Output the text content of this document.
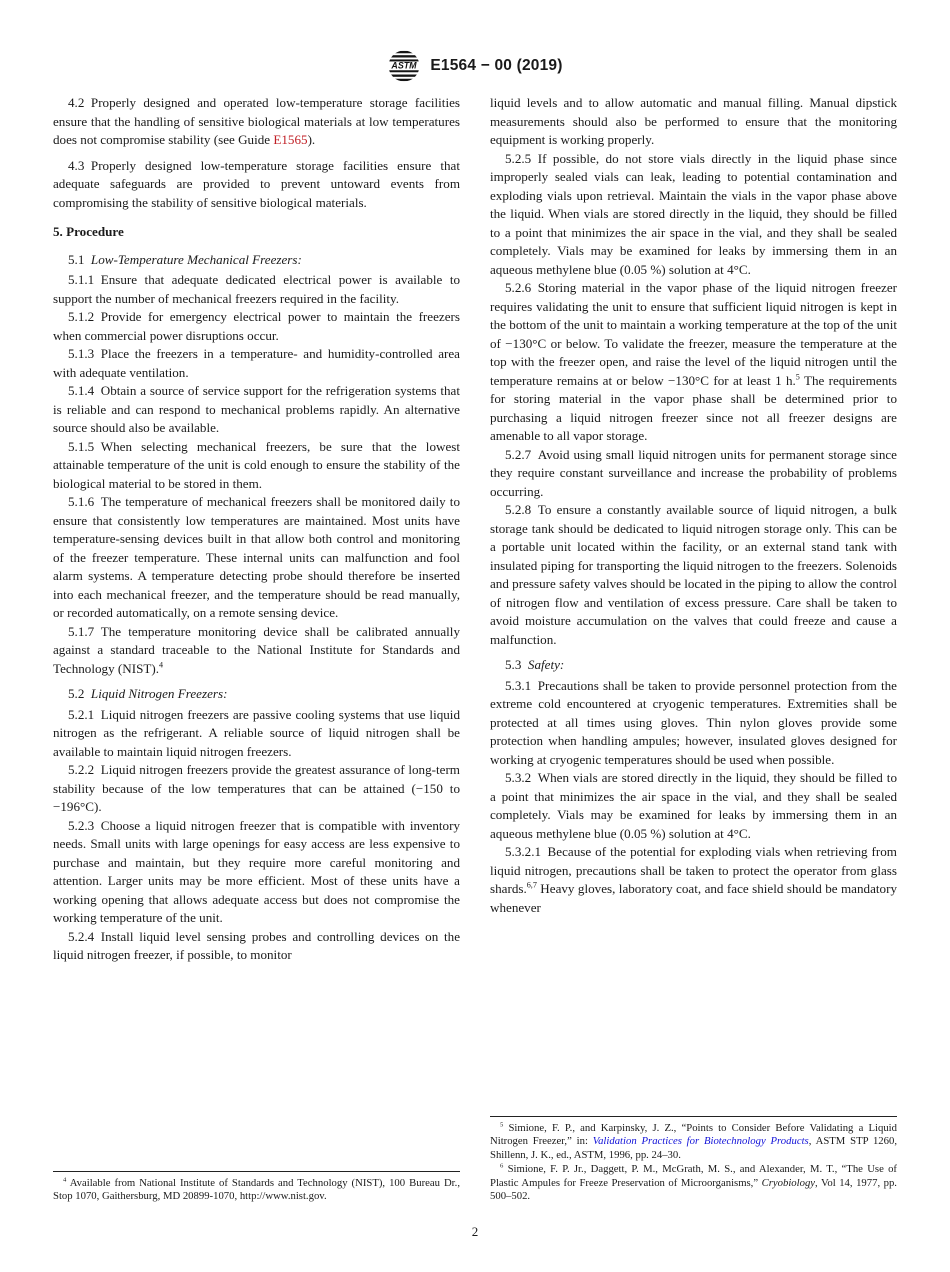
ASTM E1564 − 00 (2019)

4.2 Properly designed and operated low-temperature storage facilities ensure that the handling of sensitive biological materials at low temperatures does not compromise stability (see Guide E1565).

4.3 Properly designed low-temperature storage facilities ensure that adequate safeguards are provided to prevent untoward events from compromising the stability of sensitive biological materials.

5. Procedure

5.1 Low-Temperature Mechanical Freezers:

5.1.1 Ensure that adequate dedicated electrical power is available to support the number of mechanical freezers required in the facility.

5.1.2 Provide for emergency electrical power to maintain the freezers when commercial power disruptions occur.

5.1.3 Place the freezers in a temperature- and humidity-controlled area with adequate ventilation.

5.1.4 Obtain a source of service support for the refrigeration systems that is reliable and can respond to mechanical problems rapidly. An alternative source should also be available.

5.1.5 When selecting mechanical freezers, be sure that the lowest attainable temperature of the unit is cold enough to ensure the stability of the biological material to be stored in them.

5.1.6 The temperature of mechanical freezers shall be monitored daily to ensure that consistently low temperatures are maintained. Most units have temperature-sensing devices built in that allow both control and monitoring of the freezer temperature. These internal units can malfunction and fool alarm systems. A temperature detecting probe should therefore be inserted into each mechanical freezer, and the temperature should be read manually, or recorded automatically, on a remote sensing device.

5.1.7 The temperature monitoring device shall be calibrated annually against a standard traceable to the National Institute for Standards and Technology (NIST).$^4$

5.2 Liquid Nitrogen Freezers:

5.2.1 Liquid nitrogen freezers are passive cooling systems that use liquid nitrogen as the refrigerant. A reliable source of liquid nitrogen shall be available to maintain liquid nitrogen freezers.

5.2.2 Liquid nitrogen freezers provide the greatest assurance of long-term stability because of the low temperatures that can be attained (−150 to −196°C).

5.2.3 Choose a liquid nitrogen freezer that is compatible with inventory needs. Small units with large openings for easy access are less expensive to purchase and maintain, but they require more careful monitoring and attention. Larger units may be more efficient. Most of these units have a working opening that allows adequate access but does not compromise the working temperature of the unit.

5.2.4 Install liquid level sensing probes and controlling devices on the liquid nitrogen freezer, if possible, to monitor

$^4$ Available from National Institute of Standards and Technology (NIST), 100 Bureau Dr., Stop 1070, Gaithersburg, MD 20899-1070, http://www.nist.gov.

liquid levels and to allow automatic and manual filling. Manual dipstick measurements should also be performed to ensure that the monitoring equipment is working properly.

5.2.5 If possible, do not store vials directly in the liquid phase since improperly sealed vials can leak, leading to potential contamination and exploding vials upon retrieval. Maintain the vials in the vapor phase above the liquid. When vials are stored directly in the liquid, they should be filled to a point that minimizes the air space in the vial, and they shall be sealed completely. Vials may be examined for leaks by immersing them in an aqueous methylene blue (0.05 %) solution at 4°C.

5.2.6 Storing material in the vapor phase of the liquid nitrogen freezer requires validating the unit to ensure that sufficient liquid nitrogen is kept in the bottom of the unit to maintain a working temperature at the top of the unit of −130°C or below. To validate the freezer, measure the temperature at the top with the freezer open, and raise the level of the liquid nitrogen until the temperature remains at or below −130°C for at least 1 h.$^5$ The requirements for storing material in the vapor phase shall be determined prior to purchasing a liquid nitrogen freezer since not all freezer designs are amenable to all vapor storage.

5.2.7 Avoid using small liquid nitrogen units for permanent storage since they require constant surveillance and increase the probability of problems occurring.

5.2.8 To ensure a constantly available source of liquid nitrogen, a bulk storage tank should be dedicated to liquid nitrogen storage only. This can be a portable unit located within the facility, or an external stand tank with insulated piping for transporting the liquid nitrogen to the freezers. Solenoids and pressure safety valves should be located in the piping to allow the control of nitrogen flow and ventilation of excess pressure. Care shall be taken to avoid moisture accumulation on the valves that could freeze and cause a malfunction.

5.3 Safety:

5.3.1 Precautions shall be taken to provide personnel protection from the extreme cold encountered at cryogenic temperatures. Extremities shall be protected at all times using gloves. Thin nylon gloves provide some protection when handling ampules; however, insulated gloves designed for working at cryogenic temperatures should be used when possible.

5.3.2 When vials are stored directly in the liquid, they should be filled to a point that minimizes the air space in the vial, and they shall be sealed completely. Vials may be examined for leaks by immersing them in an aqueous methylene blue (0.05 %) solution at 4°C.

5.3.2.1 Because of the potential for exploding vials when retrieving from liquid nitrogen, precautions shall be taken to protect the operator from glass shards.$^{6,7}$ Heavy gloves, laboratory coat, and face shield should be mandatory whenever

$^5$ Simione, F. P., and Karpinsky, J. Z., “Points to Consider Before Validating a Liquid Nitrogen Freezer,” in: Validation Practices for Biotechnology Products, ASTM STP 1260, Shillenn, J. K., ed., ASTM, 1996, pp. 24–30.

$^6$ Simione, F. P. Jr., Daggett, P. M., McGrath, M. S., and Alexander, M. T., “The Use of Plastic Ampules for Freeze Preservation of Microorganisms,” Cryobiology, Vol 14, 1977, pp. 500–502.

2
